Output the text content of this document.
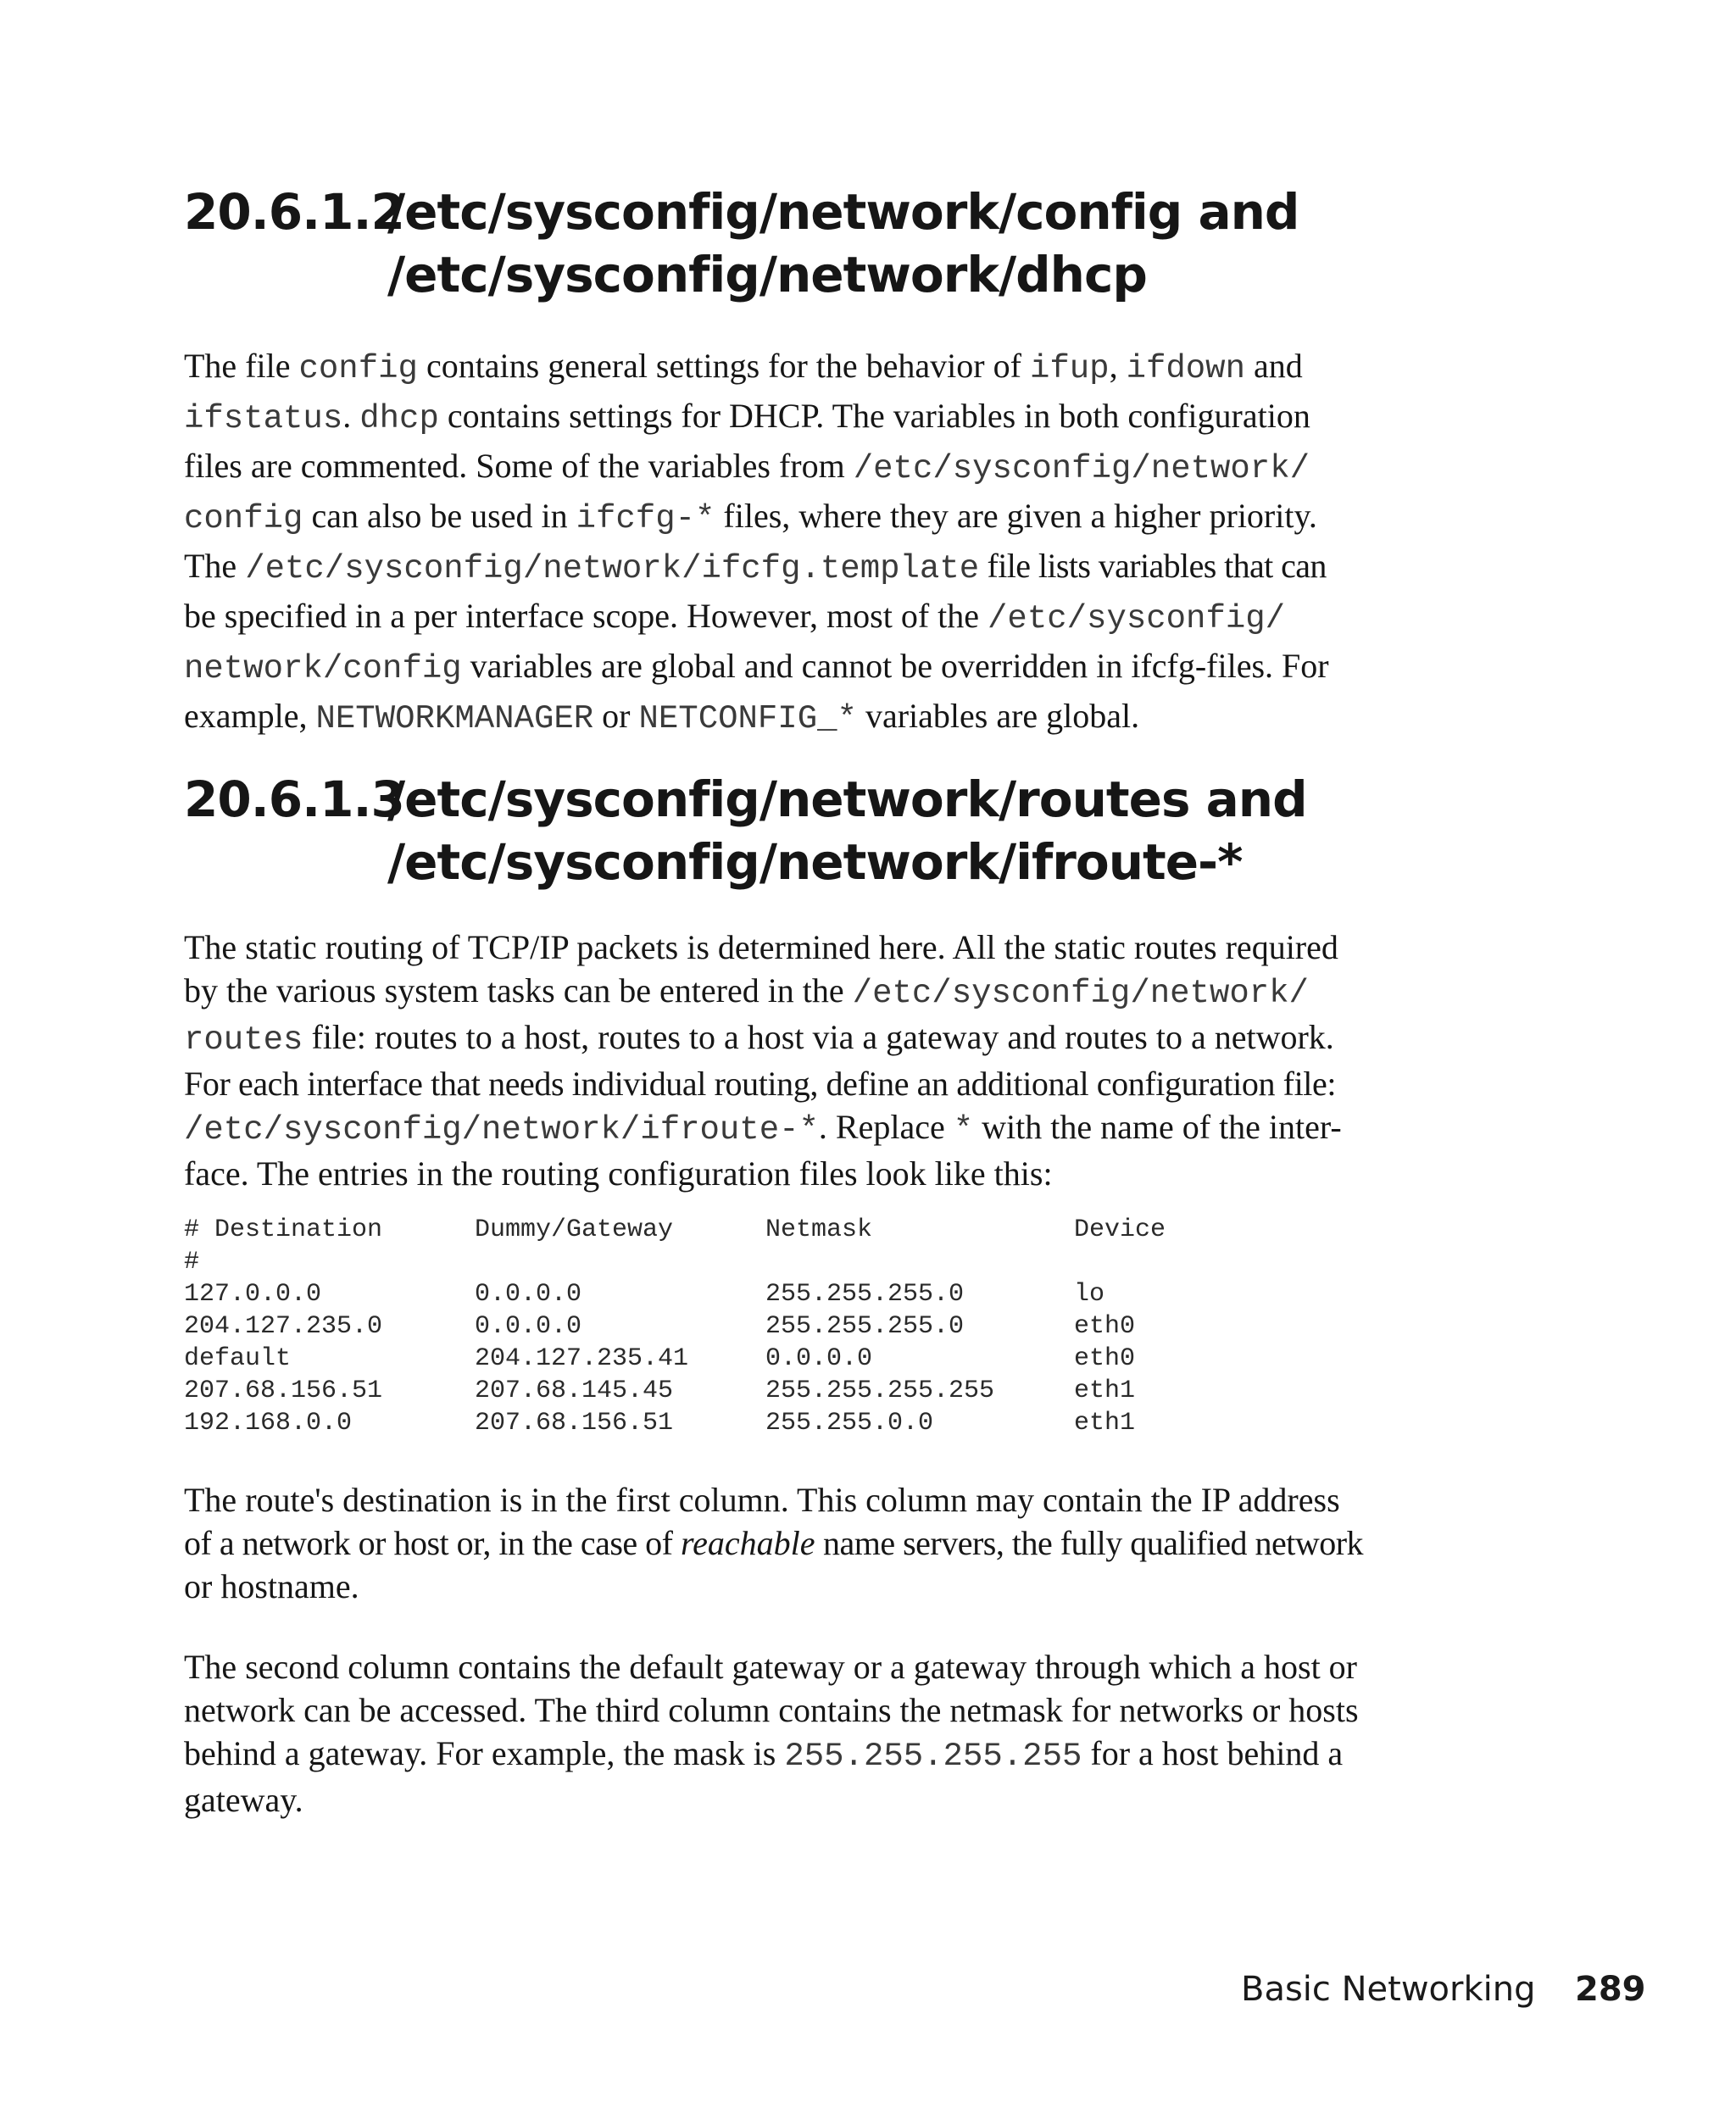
20.6.1.2
/etc/sysconfig/network/config and
/etc/sysconfig/network/dhcp
The file config contains general settings for the behavior of ifup, ifdown and
ifstatus. dhcp contains settings for DHCP. The variables in both configuration
files are commented. Some of the variables from /etc/sysconfig/network/
config can also be used in ifcfg-* files, where they are given a higher priority.
The /etc/sysconfig/network/ifcfg.template file lists variables that can
be specified in a per interface scope. However, most of the /etc/sysconfig/
network/config variables are global and cannot be overridden in ifcfg-files. For
example, NETWORKMANAGER or NETCONFIG_* variables are global.
20.6.1.3
/etc/sysconfig/network/routes and
/etc/sysconfig/network/ifroute-*
The static routing of TCP/IP packets is determined here. All the static routes required
by the various system tasks can be entered in the /etc/sysconfig/network/
routes file: routes to a host, routes to a host via a gateway and routes to a network.
For each interface that needs individual routing, define an additional configuration file:
/etc/sysconfig/network/ifroute-*. Replace * with the name of the inter-
face. The entries in the routing configuration files look like this:
# Destination	Dummy/Gateway	Netmask	Device
#
127.0.0.0	0.0.0.0	255.255.255.0	lo
204.127.235.0	0.0.0.0	255.255.255.0	eth0
default	204.127.235.41	0.0.0.0	eth0
207.68.156.51	207.68.145.45	255.255.255.255	eth1
192.168.0.0	207.68.156.51	255.255.0.0	eth1
The route's destination is in the first column. This column may contain the IP address
of a network or host or, in the case of reachable name servers, the fully qualified network
or hostname.
The second column contains the default gateway or a gateway through which a host or
network can be accessed. The third column contains the netmask for networks or hosts
behind a gateway. For example, the mask is 255.255.255.255 for a host behind a
gateway.
Basic Networking 289
